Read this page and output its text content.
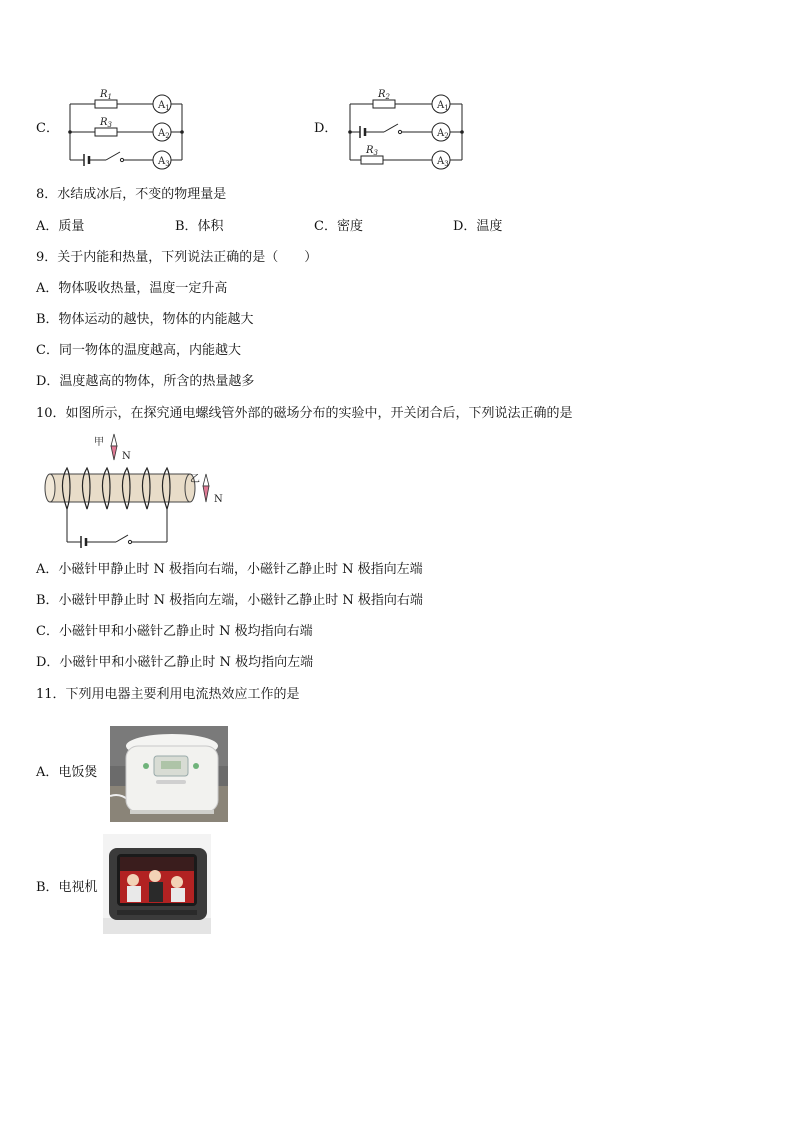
C．
$R_1$
$R_3$
$A_1$
$A_2$
$A_3$
D．
$R_2$
$R_3$
$A_1$
$A_2$
$A_3$
8．水结成冰后，不变的物理量是
A．质量	B．体积	C．密度	D．温度
9．关于内能和热量，下列说法正确的是（　　）
A．物体吸收热量，温度一定升高
B．物体运动的越快，物体的内能越大
C．同一物体的温度越高，内能越大
D．温度越高的物体，所含的热量越多
10．如图所示，在探究通电螺线管外部的磁场分布的实验中，开关闭合后，下列说法正确的是
甲
N
乙
N
A．小磁针甲静止时 N 极指向右端，小磁针乙静止时 N 极指向左端
B．小磁针甲静止时 N 极指向左端，小磁针乙静止时 N 极指向右端
C．小磁针甲和小磁针乙静止时 N 极均指向右端
D．小磁针甲和小磁针乙静止时 N 极均指向左端
11．下列用电器主要利用电流热效应工作的是
A．电饭煲
B．电视机
